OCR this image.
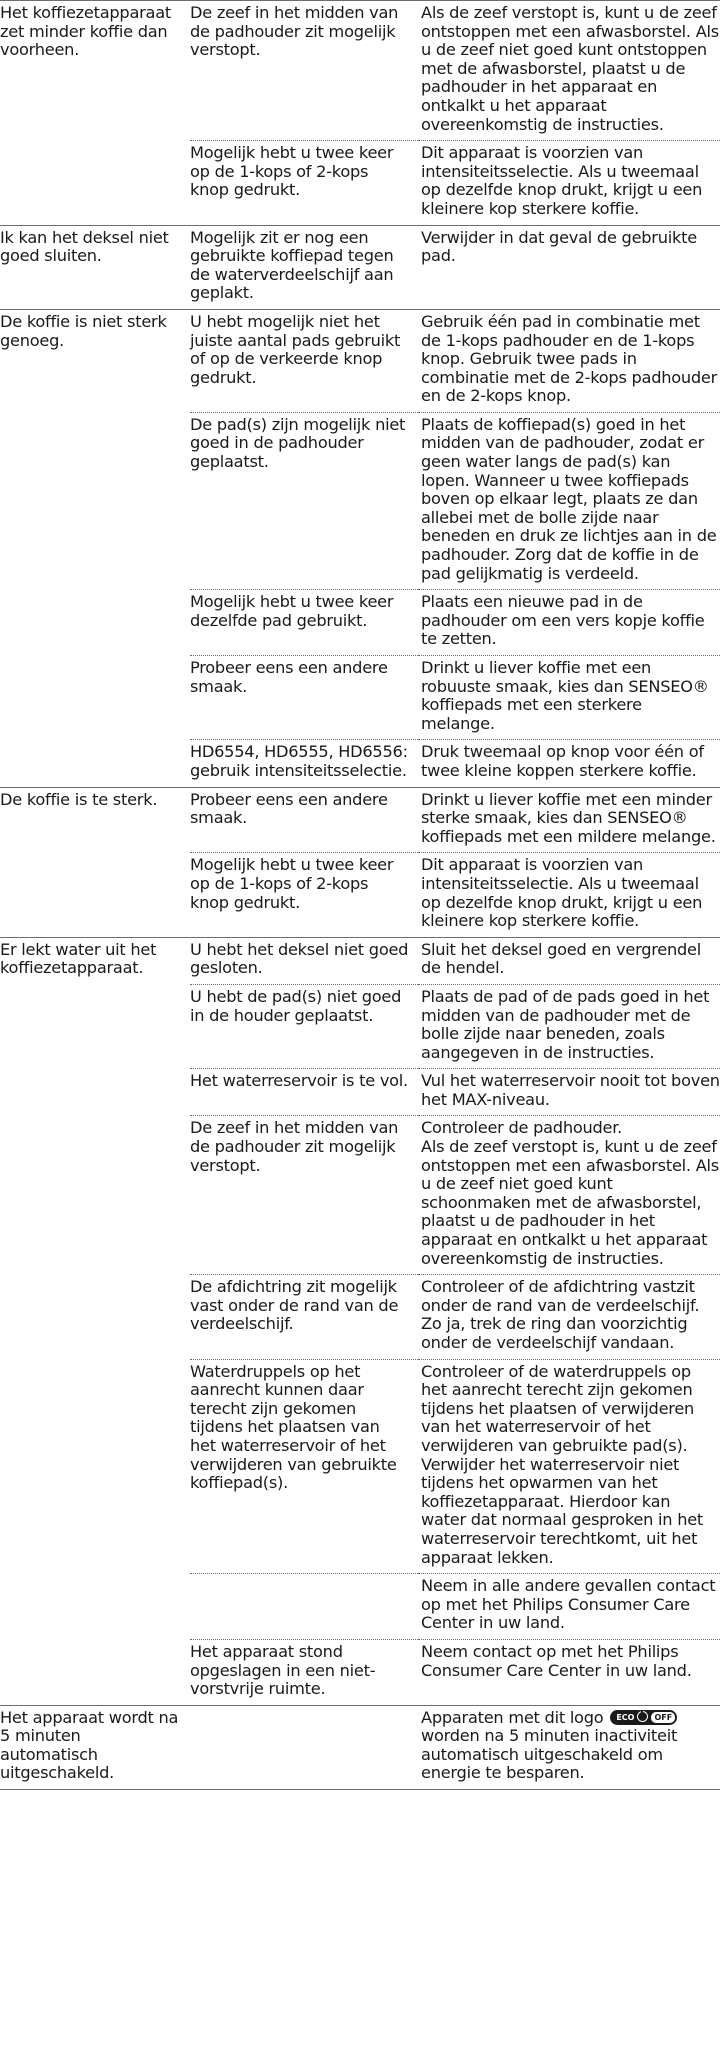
Het koffiezetapparaat zet minder koffie dan voorheen.	De zeef in het midden van de padhouder zit mogelijk verstopt.	Als de zeef verstopt is, kunt u de zeef ontstoppen met een afwasborstel. Als u de zeef niet goed kunt ontstoppen met de afwasborstel, plaatst u de padhouder in het apparaat en ontkalkt u het apparaat overeenkomstig de instructies.

	Mogelijk hebt u twee keer op de 1-kops of 2-kops knop gedrukt.	Dit apparaat is voorzien van intensiteitsselectie. Als u tweemaal op dezelfde knop drukt, krijgt u een kleinere kop sterkere koffie.

Ik kan het deksel niet goed sluiten.	Mogelijk zit er nog een gebruikte koffiepad tegen de waterverdeelschijf aan geplakt.	Verwijder in dat geval de gebruikte pad.

De koffie is niet sterk genoeg.	U hebt mogelijk niet het juiste aantal pads gebruikt of op de verkeerde knop gedrukt.	Gebruik één pad in combinatie met de 1-kops padhouder en de 1-kops knop. Gebruik twee pads in combinatie met de 2-kops padhouder en de 2-kops knop.

	De pad(s) zijn mogelijk niet goed in de padhouder geplaatst.	Plaats de koffiepad(s) goed in het midden van de padhouder, zodat er geen water langs de pad(s) kan lopen. Wanneer u twee koffiepads boven op elkaar legt, plaats ze dan allebei met de bolle zijde naar beneden en druk ze lichtjes aan in de padhouder. Zorg dat de koffie in de pad gelijkmatig is verdeeld.

	Mogelijk hebt u twee keer dezelfde pad gebruikt.	Plaats een nieuwe pad in de padhouder om een vers kopje koffie te zetten.

	Probeer eens een andere smaak.	Drinkt u liever koffie met een robuuste smaak, kies dan SENSEO® koffiepads met een sterkere melange.

	HD6554, HD6555, HD6556: gebruik intensiteitsselectie.	Druk tweemaal op knop voor één of twee kleine koppen sterkere koffie.

De koffie is te sterk.	Probeer eens een andere smaak.	Drinkt u liever koffie met een minder sterke smaak, kies dan SENSEO® koffiepads met een mildere melange.

	Mogelijk hebt u twee keer op de 1-kops of 2-kops knop gedrukt.	Dit apparaat is voorzien van intensiteitsselectie. Als u tweemaal op dezelfde knop drukt, krijgt u een kleinere kop sterkere koffie.

Er lekt water uit het koffiezetapparaat.	U hebt het deksel niet goed gesloten.	Sluit het deksel goed en vergrendel de hendel.

	U hebt de pad(s) niet goed in de houder geplaatst.	Plaats de pad of de pads goed in het midden van de padhouder met de bolle zijde naar beneden, zoals aangegeven in de instructies.

	Het waterreservoir is te vol.	Vul het waterreservoir nooit tot boven het MAX-niveau.

	De zeef in het midden van de padhouder zit mogelijk verstopt.	Controleer de padhouder.
Als de zeef verstopt is, kunt u de zeef ontstoppen met een afwasborstel. Als u de zeef niet goed kunt schoonmaken met de afwasborstel, plaatst u de padhouder in het apparaat en ontkalkt u het apparaat overeenkomstig de instructies.

	De afdichtring zit mogelijk vast onder de rand van de verdeelschijf.	Controleer of de afdichtring vastzit onder de rand van de verdeelschijf. Zo ja, trek de ring dan voorzichtig onder de verdeelschijf vandaan.

	Waterdruppels op het aanrecht kunnen daar terecht zijn gekomen tijdens het plaatsen van het waterreservoir of het verwijderen van gebruikte koffiepad(s).	Controleer of de waterdruppels op het aanrecht terecht zijn gekomen tijdens het plaatsen of verwijderen van het waterreservoir of het verwijderen van gebruikte pad(s). Verwijder het waterreservoir niet tijdens het opwarmen van het koffiezetapparaat. Hierdoor kan water dat normaal gesproken in het waterreservoir terechtkomt, uit het apparaat lekken.

		Neem in alle andere gevallen contact op met het Philips Consumer Care Center in uw land.

	Het apparaat stond opgeslagen in een niet-vorstvrije ruimte.	Neem contact op met het Philips Consumer Care Center in uw land.

Het apparaat wordt na 5 minuten automatisch uitgeschakeld.		Apparaten met dit logo ECO OFF worden na 5 minuten inactiviteit automatisch uitgeschakeld om energie te besparen.
